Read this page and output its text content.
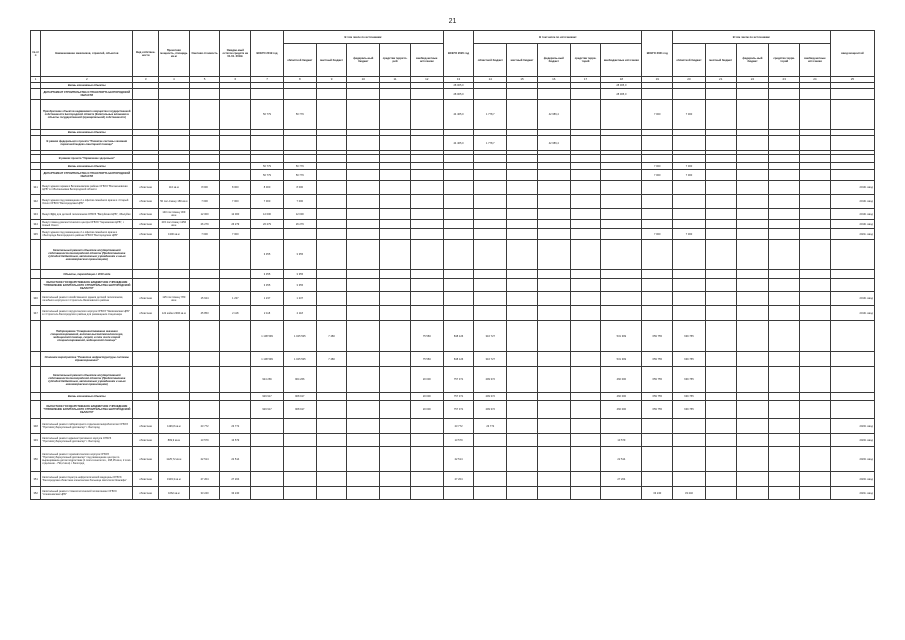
21
№ п/п	Наименование заказчиков, отраслей, объектов	Вид собствен-ности	Проектная мощность, площадь кв.м	Сметная стоимость	Ожидае-мый остаток средств на 01.01. 2019г.	ВСЕГО 2019 год	В том числе по источникам:					ВСЕГО 2020 год	В том числе по источникам:					ВСЕГО 2021 год	В том числе по источникам:					ввод мощностей
							областной бюджет	местный бюджет	федераль-ный бюджет	средства террито-рий	внебюд-жетные источники		областной бюджет	местный бюджет	федераль-ный бюджет	средства терри-торий	внебюджетные источники		областной бюджет	местный бюджет	федераль-ный бюджет	средства терри-торий	внебюд-жетные источники	
1	2	3	4	5	6	7	8	9	10	11	12	13	14	15	16	17	18	19	20	21	22	23	24	25
	Вновь начинаемые объекты											28 005,0					28 005,0							
	ДЕПАРТАМЕНТ СТРОИТЕЛЬСТВА И ТРАНСПОРТА БЕЛГОРОДСКОЙ ОБЛАСТИ											28 005,0					28 005,0							
	Приобретение объектов недвижимого имущества государственной собственности Белгородской области (Капитальные вложения в объекты государственной (муниципальной) собственности)					50 779	50 779					44 465,0	1 778,7		42 686,4			7 000	7 000					
	Вновь начинаемые объекты																							
	В рамках федерального проекта "Развитие системы оказания первичной медико-санитарной помощи"											44 465,0	1 778,7		42 686,4									

	В рамках проекта "Управление здоровьем"																							
	Вновь начинаемые объекты					50 779	50 779											7 000	7 000					
	ДЕПАРТАМЕНТ СТРОИТЕЛЬСТВА И ТРАНСПОРТА БЕЛГОРОДСКОЙ ОБЛАСТИ					50 779	50 779											7 000	7 000					
341	Выкуп здания гаража в Волоконовском районе ОГБУЗ "Волоконовская ЦРБ" в п.Волоконовка Белгородской области	областная	110 кв.м	8 000	8 000	8 000	8 000																	2019г. ввод
342	Выкуп здания под размещение 2-х офисов семейного врача в г.Старый Оскол ОГБУЗ "Белгородская ЦРБ"	областная	50 пос./смену 180 кв.м	7 000	7 000	7 000	7 000																	2019г. ввод
343	Выкуп ФДЦ для детской поликлиники ОГБУЗ "Валуйская ЦРБ", г.Валуйки	областная	140 пос./смену 309 кв.м	12 000	12 000	12 000	12 000																	2019г. ввод
344	Выкуп помещ.диагностического центра ОГБУЗ "Чернянская ЦРБ", г. Новый Оскол	областная	215 пос./смену 1256 кв.м	26 279	26 279	26 279	26 279																	2019г. ввод
345	Выкуп здания под размещение 2-х офисов семейного врача в г.Белгороде Белгородского района ОГБУЗ "Белгородская ЦРБ"	областная	1300 кв.м	7 000	7 000													7 000	7 000					2021г. ввод
	Капитальный ремонт объектов государственной собственности Белгородской области (Предоставление субсидий бюджетным, автономным учреждениям и иным некоммерческим организациям)					3 355	3 355																	
	Объекты, переходящие с 2018 года					3 355	3 355																	
	ОБЛАСТНОЕ ГОСУДАРСТВЕННОЕ БЮДЖЕТНОЕ УЧРЕЖДЕНИЕ "УПРАВЛЕНИЕ КАПИТАЛЬНОГО СТРОИТЕЛЬСТВА БЕЛГОРОДСКОЙ ОБЛАСТИ"					3 355	3 355																	
346	Капитальный ремонт хозяйственного здания детской поликлиники, лечебного корпуса в п.Строитель Яковлевского района	областная	125 пос./смену 780 кв.м	15 624	1 237	1 237	1 237																	2019г. ввод
347	Капитальный ремонт хирургического корпуса ОГБУЗ "Яковлевская ЦРБ" в г.Строитель Белгородского района для размещения стационара	областная	122 койки 2396 кв.м	45 853	2 118	2 118	2 118																	2019г. ввод
	Подпрограмма "Совершенствование оказания специализированной, включая высокотехнологичную, медицинской помощи, скорой, в том числе скорой специализированной, медицинской помощи"					1 108 599	1 025 535	7 480			75 583	848 126	316 727				531 399	659 755	639 755					
	Основное мероприятие "Развитие инфраструктуры системы здравоохранения"					1 108 599	1 025 535	7 480			75 583	848 126	316 727				531 399	659 755	639 755					
	Капитальный ремонт объектов государственной собственности Белгородской области (Предоставление субсидий бюджетным, автономным учреждениям и иным некоммерческим организациям)					924 266	904 266				20 000	757 371	299 372				460 000	659 755	639 755					
	Вновь начинаемые объекты					929 917	908 917				20 000	757 371	299 372				460 000	659 755	639 755					
	ОБЛАСТНОЕ ГОСУДАРСТВЕННОЕ БЮДЖЕТНОЕ УЧРЕЖДЕНИЕ "УПРАВЛЕНИЕ КАПИТАЛЬНОГО СТРОИТЕЛЬСТВА БЕЛГОРОДСКОЙ ОБЛАСТИ"					929 917	908 917				20 000	757 371	299 372				460 000	659 755	639 755					
348	Капитальный ремонт лабораторного отделения микробиологии ОГБУЗ "Противотуберкулезный диспансер" г. Белгород	областная	1196,8 кв.м	23 772	23 772							23 772	23 772											2020г. ввод
349	Капитальный ремонт административного корпуса ОГБУЗ "Противотуберкулезный диспансер" г. Белгород	областная	899,9 кв.м	13 579	13 579							13 579					13 579							2020г. ввод
350	Капитальный ремонт терапевтического корпуса ОГБУЗ "Противотуберкулезный диспансер" под размещение центра по выращиванию детям подросткам (1 этап-технологич., 168,35 кв.м, 2 этап-отделение - 794,2 кв.м) г. Белгород	областная	1125,72 кв.м	22 514	22 514							22 514					22 514							2020г. ввод
351	Капитальный ремонт Центра нефрологической медицины ОГБУЗ "Белгородская областная клиническая больница святителя Иоасафа"	областная	1903,3 кв.м	27 204	27 204							27 204					27 204							2020г. ввод
352	Капитальный ремонт стоматологической поликлиники ОГБУЗ "Алексеевская ЦРБ"	областная	1662 кв.м	33 240	33 240													33 240	33 240					2021г. ввод
